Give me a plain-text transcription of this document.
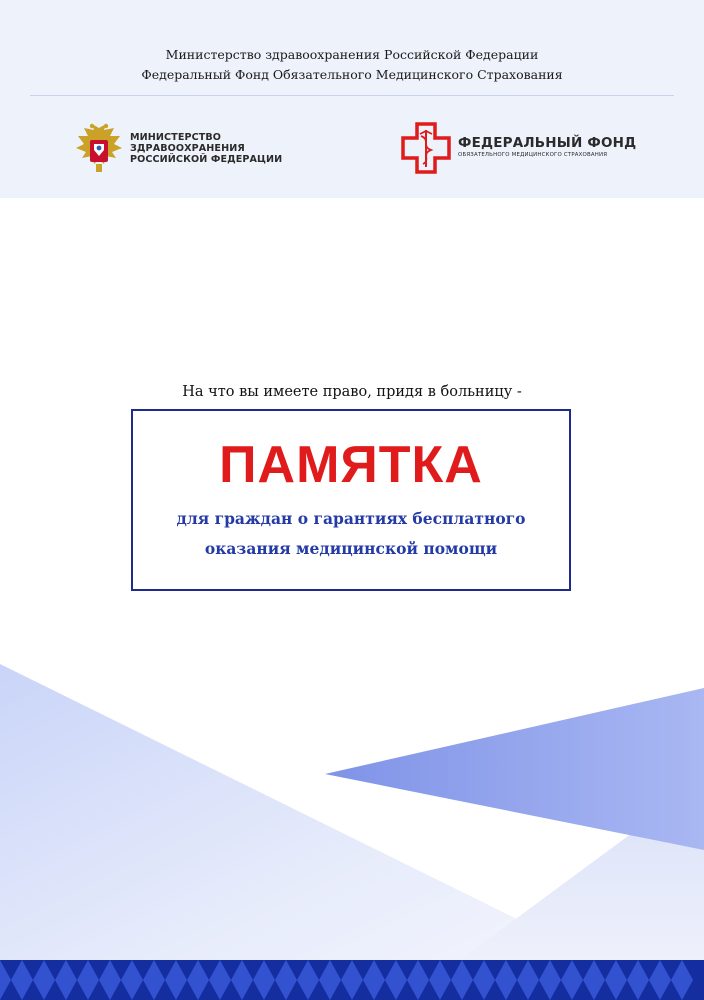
Министерство здравоохранения Российской Федерации
Федеральный Фонд Обязательного Медицинского Страхования
МИНИСТЕРСТВО
ЗДРАВООХРАНЕНИЯ
РОССИЙСКОЙ ФЕДЕРАЦИИ
ФЕДЕРАЛЬНЫЙ ФОНД
ОБЯЗАТЕЛЬНОГО МЕДИЦИНСКОГО СТРАХОВАНИЯ
На что вы имеете право, придя в больницу -
ПАМЯТКА
для граждан о гарантиях бесплатного
оказания медицинской помощи
